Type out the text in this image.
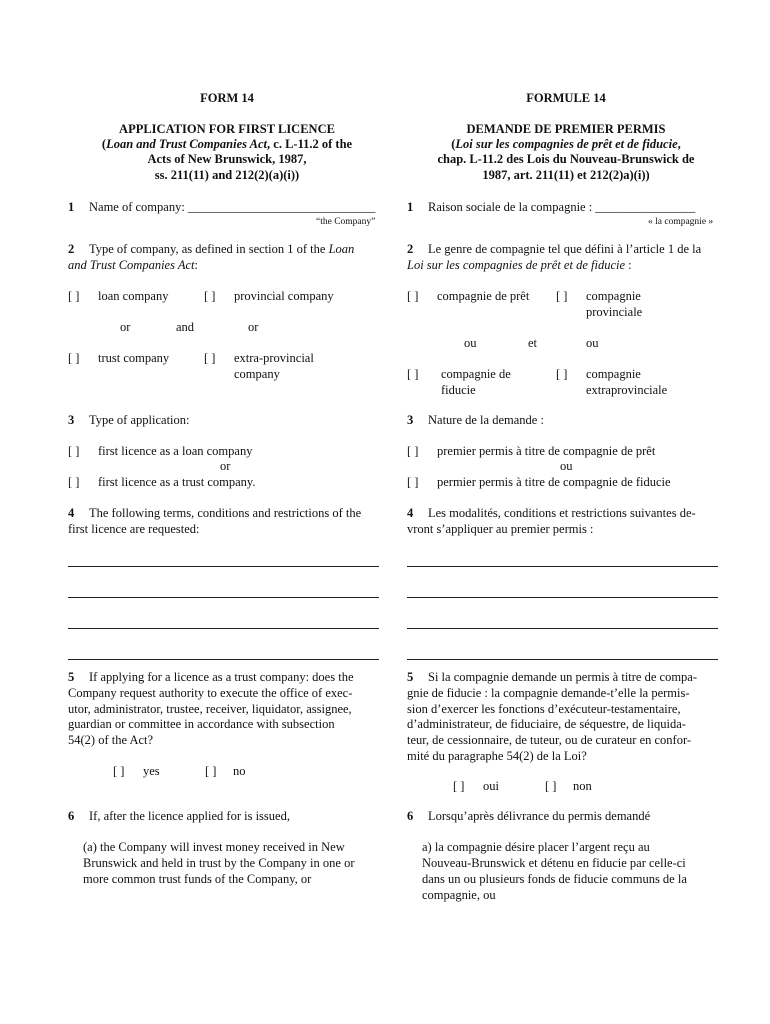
FORM 14
APPLICATION FOR FIRST LICENCE
(Loan and Trust Companies Act, c. L-11.2 of the
Acts of New Brunswick, 1987,
ss. 211(11) and 212(2)(a)(i))
1 Name of company: ______________________________
“the Company”
2 Type of company, as defined in section 1 of the Loan
and Trust Companies Act:
[ ] loan company	[ ] provincial company
or	and	or
[ ] trust company	[ ] extra-provincial
company
3 Type of application:
[ ] first licence as a loan company
or
[ ] first licence as a trust company.
4 The following terms, conditions and restrictions of the
first licence are requested:
5 If applying for a licence as a trust company: does the
Company request authority to execute the office of exec-
utor, administrator, trustee, receiver, liquidator, assignee,
guardian or committee in accordance with subsection
54(2) of the Act?
[ ] yes	[ ] no
6 If, after the licence applied for is issued,
(a) the Company will invest money received in New
Brunswick and held in trust by the Company in one or
more common trust funds of the Company, or
FORMULE 14
DEMANDE DE PREMIER PERMIS
(Loi sur les compagnies de prêt et de fiducie,
chap. L-11.2 des Lois du Nouveau-Brunswick de
1987, art. 211(11) et 212(2)a)(i))
1 Raison sociale de la compagnie : ________________
« la compagnie »
2 Le genre de compagnie tel que défini à l’article 1 de la
Loi sur les compagnies de prêt et de fiducie :
[ ] compagnie de prêt [ ] compagnie
provinciale
ou	et	ou
[ ] compagnie de
fiducie
[ ] compagnie
extraprovinciale
3 Nature de la demande :
[ ] premier permis à titre de compagnie de prêt
ou
[ ] permier permis à titre de compagnie de fiducie
4 Les modalités, conditions et restrictions suivantes de-
vront s’appliquer au premier permis :
5 Si la compagnie demande un permis à titre de compa-
gnie de fiducie : la compagnie demande-t’elle la permis-
sion d’exercer les fonctions d’exécuteur-testamentaire,
d’administrateur, de fiduciaire, de séquestre, de liquida-
teur, de cessionnaire, de tuteur, ou de curateur en confor-
mité du paragraphe 54(2) de la Loi?
[ ] oui	[ ] non
6 Lorsqu’après délivrance du permis demandé
a) la compagnie désire placer l’argent reçu au
Nouveau-Brunswick et détenu en fiducie par celle-ci
dans un ou plusieurs fonds de fiducie communs de la
compagnie, ou
